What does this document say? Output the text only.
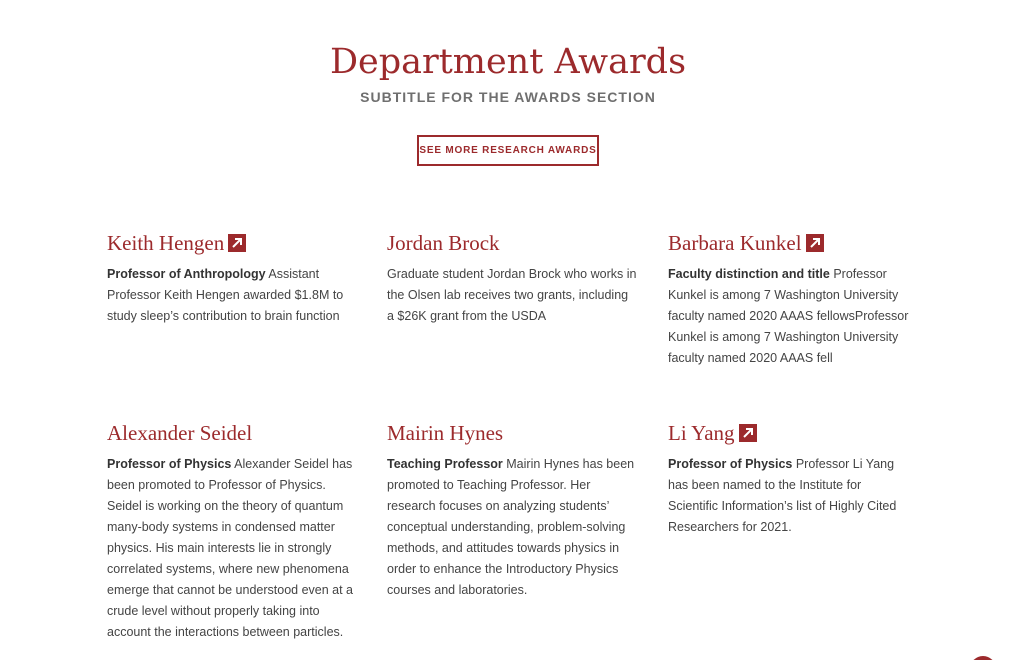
Department Awards

SUBTITLE FOR THE AWARDS SECTION

SEE MORE RESEARCH AWARDS
Keith Hengen
Professor of Anthropology Assistant Professor Keith Hengen awarded $1.8M to study sleep’s contribution to brain function
Jordan Brock
Graduate student Jordan Brock who works in the Olsen lab receives two grants, including a $26K grant from the USDA
Barbara Kunkel
Faculty distinction and title Professor Kunkel is among 7 Washington University faculty named 2020 AAAS fellowsProfessor Kunkel is among 7 Washington University faculty named 2020 AAAS fell
Alexander Seidel
Professor of Physics Alexander Seidel has been promoted to Professor of Physics. Seidel is working on the theory of quantum many-body systems in condensed matter physics. His main interests lie in strongly correlated systems, where new phenomena emerge that cannot be understood even at a crude level without properly taking into account the interactions between particles.
Mairin Hynes
Teaching Professor Mairin Hynes has been promoted to Teaching Professor. Her research focuses on analyzing students’ conceptual understanding, problem-solving methods, and attitudes towards physics in order to enhance the Introductory Physics courses and laboratories.
Li Yang
Professor of Physics Professor Li Yang has been named to the Institute for Scientific Information’s list of Highly Cited Researchers for 2021.
